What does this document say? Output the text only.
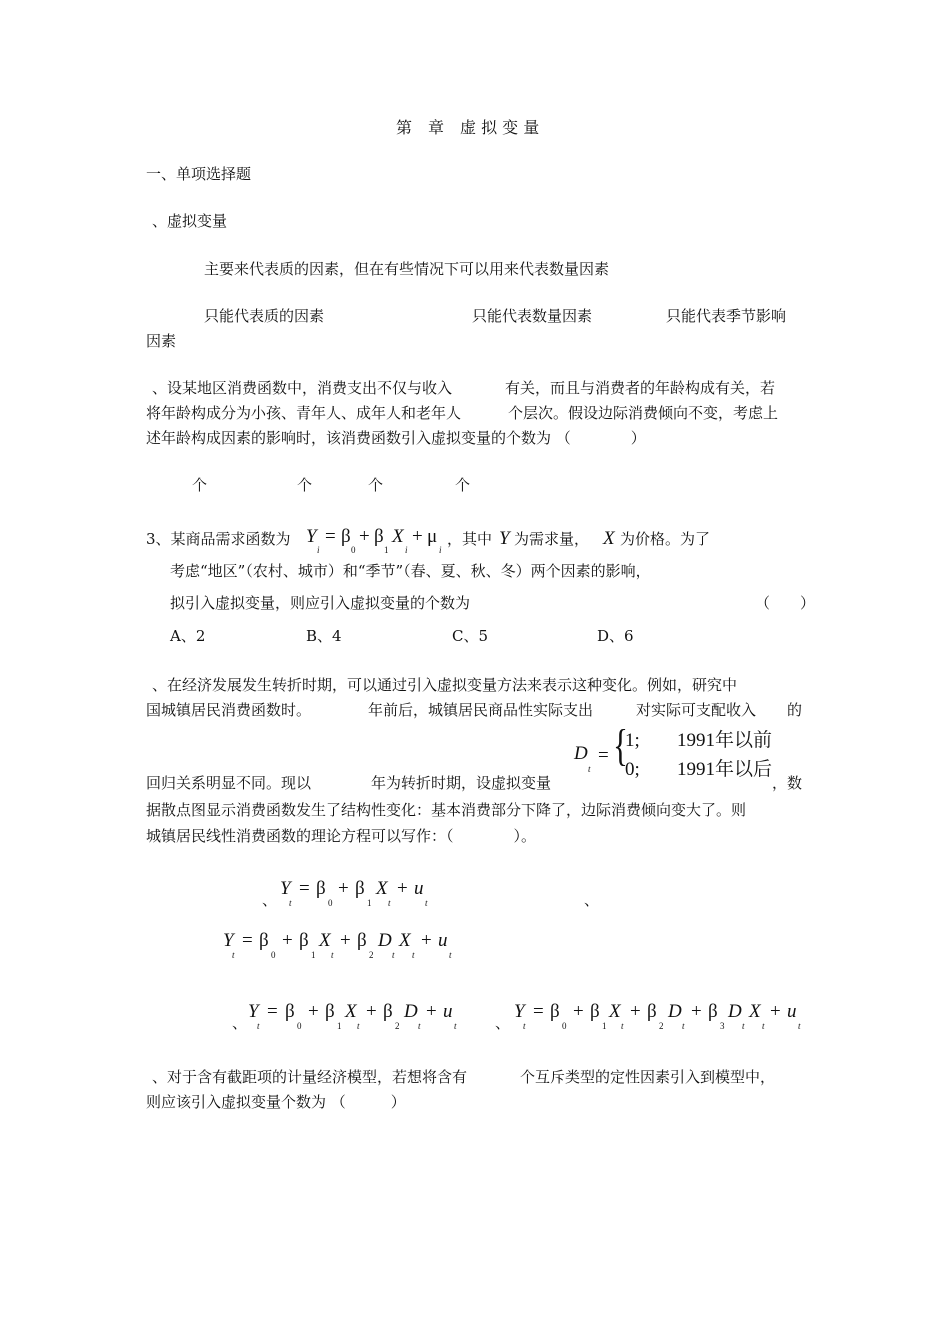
第　章　虚 拟 变 量
一、单项选择题
、虚拟变量
主要来代表质的因素，但在有些情况下可以用来代表数量因素
只能代表质的因素	只能代表数量因素	只能代表季节影响
因素
、设某地区消费函数中，消费支出不仅与收入	有关，而且与消费者的年龄构成有关，若
将年龄构成分为小孩、青年人、成年人和老年人	个层次。假设边际消费倾向不变，考虑上
述年龄构成因素的影响时，该消费函数引入虚拟变量的个数为 （　　　　）
个	个	个	个
3、某商品需求函数为 Y
i
= β
0
+ β
1
X
i
+ μ
i
，其中 Y 为需求量， X 为价格。为了
考虑“地区”（农村、城市）和“季节”（春、夏、秋、冬）两个因素的影响，
拟引入虚拟变量，则应引入虚拟变量的个数为	（　　）
A、2	B、4	C、5	D、6
、在经济发展发生转折时期，可以通过引入虚拟变量方法来表示这种变化。例如，研究中
国城镇居民消费函数时。	年前后，城镇居民商品性实际支出	对实际可支配收入 的
D
t
= {
1;
0;
1991年以前
1991年以后
回归关系明显不同。现以	年为转折时期，设虚拟变量	，数
据散点图显示消费函数发生了结构性变化：基本消费部分下降了，边际消费倾向变大了。则
城镇居民线性消费函数的理论方程可以写作：（　　　　）。
、
Y
t
= β
0
+ β
1
X
t
+ u
t	、
Y
t
= β
0
+ β
1
X
t
+ β
2
D
t
X
t
+ u
t
、
Y
t
= β
0
+ β
1
X
t
+ β
2
D
t
+ u
t	、
Y
t
= β
0
+ β
1
X
t
+ β
2
D
t
+ β
3
D
t
X
t
+ u
t
、对于含有截距项的计量经济模型，若想将含有	个互斥类型的定性因素引入到模型中，
则应该引入虚拟变量个数为 （　　　）
